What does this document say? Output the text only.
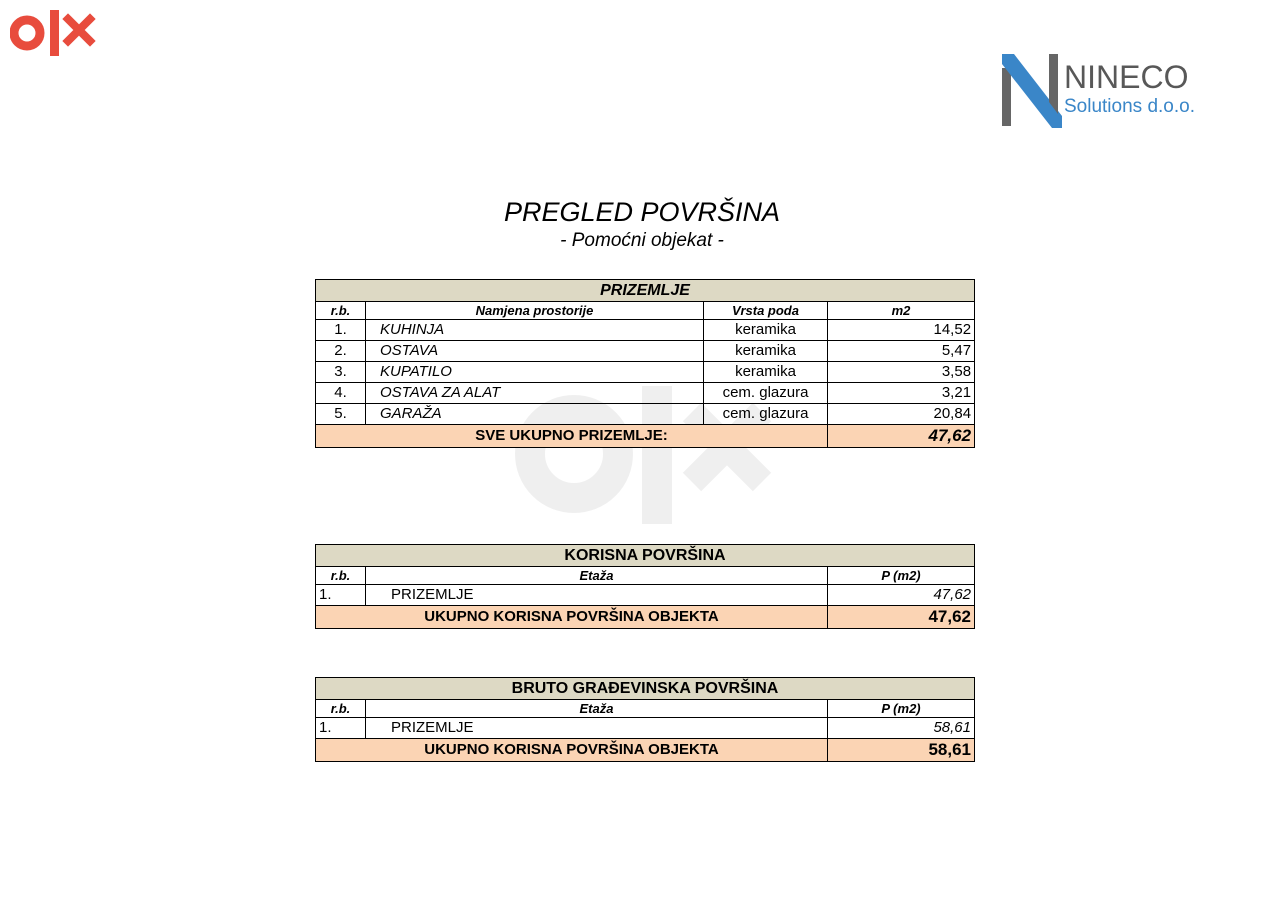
NINECO
Solutions d.o.o.
PREGLED POVRŠINA
- Pomoćni objekat -
PRIZEMLJE			
r.b.	Namjena prostorije	Vrsta poda	m2
1.	KUHINJA	keramika	14,52
2.	OSTAVA	keramika	5,47
3.	KUPATILO	keramika	3,58
4.	OSTAVA ZA ALAT	cem. glazura	3,21
5.	GARAŽA	cem. glazura	20,84
SVE UKUPNO PRIZEMLJE:			47,62
KORISNA POVRŠINA		
r.b.	Etaža	P (m2)
1.	PRIZEMLJE	47,62
UKUPNO KORISNA POVRŠINA OBJEKTA		47,62
BRUTO GRAĐEVINSKA POVRŠINA		
r.b.	Etaža	P (m2)
1.	PRIZEMLJE	58,61
UKUPNO KORISNA POVRŠINA OBJEKTA		58,61
